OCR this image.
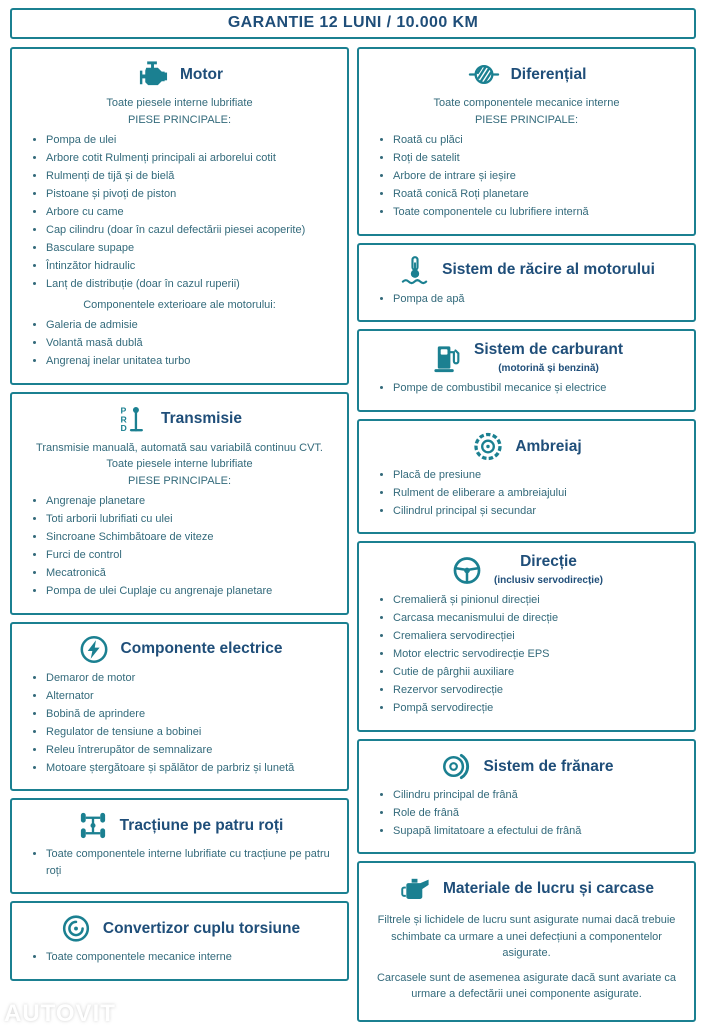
GARANTIE 12 LUNI / 10.000 KM
Motor

Toate piesele interne lubrifiate
PIESE PRINCIPALE:

• Pompa de ulei
• Arbore cotit Rulmenți principali ai arborelui cotit
• Rulmenți de tijă și de bielă
• Pistoane și pivoți de piston
• Arbore cu came
• Cap cilindru (doar în cazul defectării piesei acoperite)
• Basculare supape
• Întinzător hidraulic
• Lanț de distribuție (doar în cazul ruperii)

Componentele exterioare ale motorului:

• Galeria de admisie
• Volantă masă dublă
• Angrenaj inelar unitatea turbo
P
R
D
Transmisie

Transmisie manuală, automată sau variabilă continuu CVT.
Toate piesele interne lubrifiate
PIESE PRINCIPALE:

• Angrenaje planetare
• Toti arborii lubrifiati cu ulei
• Sincroane Schimbătoare de viteze
• Furci de control
• Mecatronică
• Pompa de ulei Cuplaje cu angrenaje planetare
Componente electrice
• Demaror de motor
• Alternator
• Bobină de aprindere
• Regulator de tensiune a bobinei
• Releu întrerupător de semnalizare
• Motoare ștergătoare și spălător de parbriz și lunetă
Tracțiune pe patru roți
• Toate componentele interne lubrifiate cu tracțiune pe patru roți
Convertizor cuplu torsiune
• Toate componentele mecanice interne
Diferențial

Toate componentele mecanice interne
PIESE PRINCIPALE:

• Roată cu plăci
• Roți de satelit
• Arbore de intrare și ieșire
• Roată conică Roți planetare
• Toate componentele cu lubrifiere internă
Sistem de răcire al motorului
• Pompa de apă
Sistem de carburant
(motorină și benzină)
• Pompe de combustibil mecanice și electrice
Ambreiaj
• Placă de presiune
• Rulment de eliberare a ambreiajului
• Cilindrul principal și secundar
Direcție
(inclusiv servodirecție)
• Cremalieră și pinionul direcției
• Carcasa mecanismului de direcție
• Cremaliera servodirecției
• Motor electric servodirecție EPS
• Cutie de pârghii auxiliare
• Rezervor servodirecție
• Pompă servodirecție
Sistem de frănare
• Cilindru principal de frână
• Role de frână
• Supapă limitatoare a efectului de frână
Materiale de lucru și carcase

Filtrele și lichidele de lucru sunt asigurate numai dacă trebuie schimbate ca urmare a unei defecțiuni a componentelor asigurate.

Carcasele sunt de asemenea asigurate dacă sunt avariate ca urmare a defectării unei componente asigurate.

AUTOVIT
